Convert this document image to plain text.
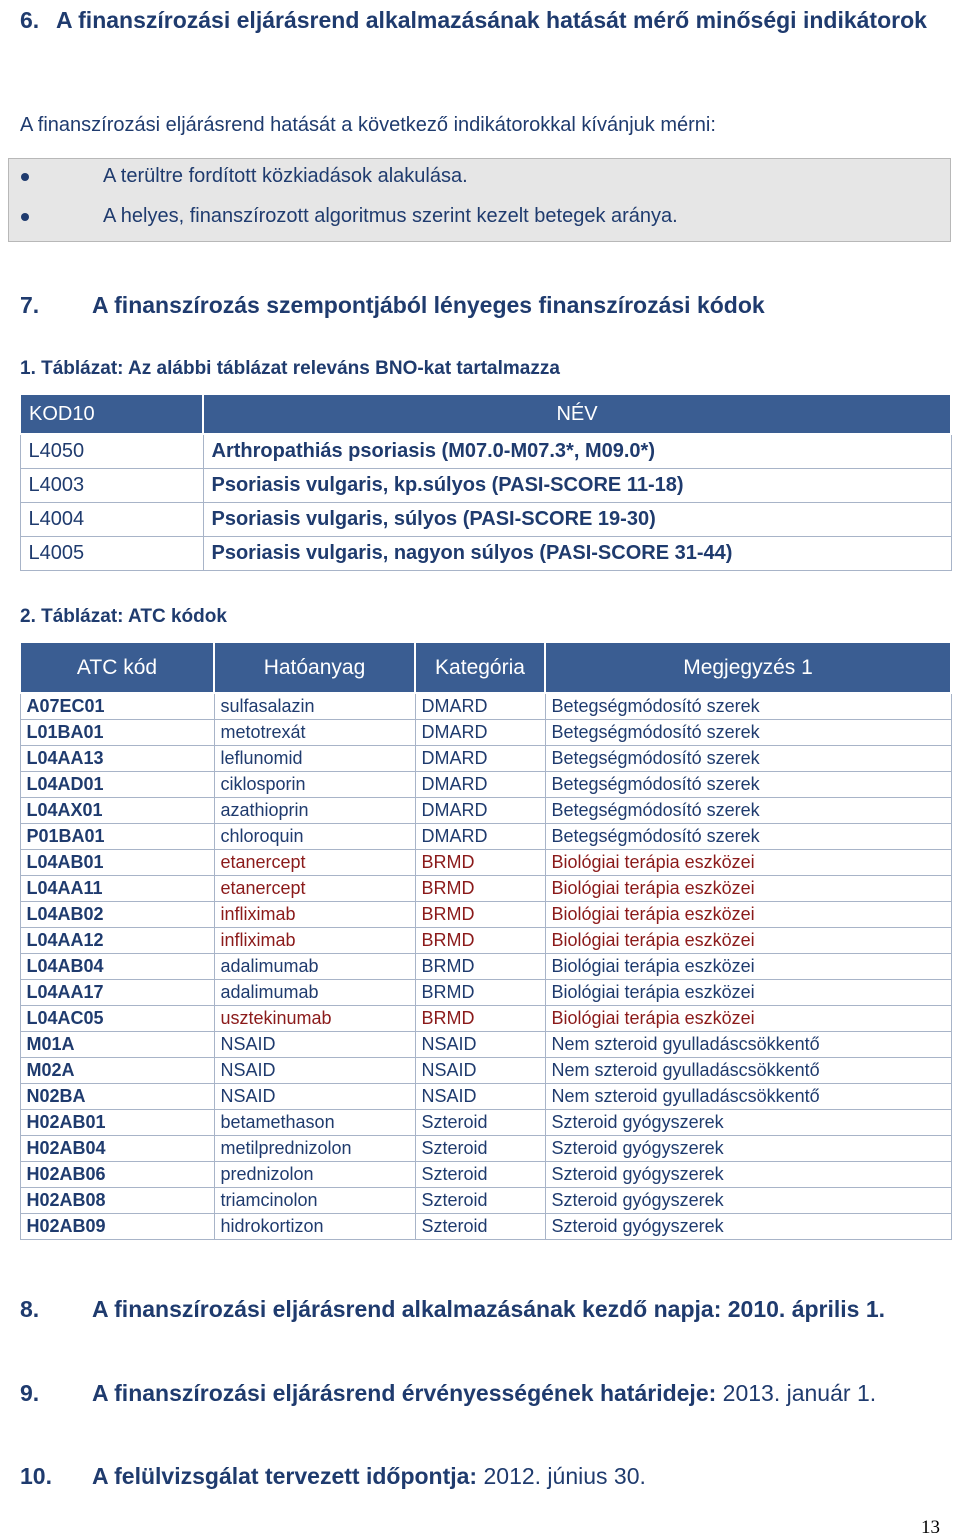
6. A finanszírozási eljárásrend alkalmazásának hatását mérő minőségi indikátorok
A finanszírozási eljárásrend hatását a következő indikátorokkal kívánjuk mérni:
A terültre fordított közkiadások alakulása.
A helyes, finanszírozott algoritmus szerint kezelt betegek aránya.
7. A finanszírozás szempontjából lényeges finanszírozási kódok
1. Táblázat: Az alábbi táblázat releváns BNO-kat tartalmazza
KOD10	NÉV
L4050	Arthropathiás psoriasis (M07.0-M07.3*, M09.0*)
L4003	Psoriasis vulgaris, kp.súlyos (PASI-SCORE 11-18)
L4004	Psoriasis vulgaris, súlyos (PASI-SCORE 19-30)
L4005	Psoriasis vulgaris, nagyon súlyos (PASI-SCORE 31-44)
2. Táblázat: ATC kódok
ATC kód	Hatóanyag	Kategória	Megjegyzés 1
A07EC01	sulfasalazin	DMARD	Betegségmódosító szerek
L01BA01	metotrexát	DMARD	Betegségmódosító szerek
L04AA13	leflunomid	DMARD	Betegségmódosító szerek
L04AD01	ciklosporin	DMARD	Betegségmódosító szerek
L04AX01	azathioprin	DMARD	Betegségmódosító szerek
P01BA01	chloroquin	DMARD	Betegségmódosító szerek
L04AB01	etanercept	BRMD	Biológiai terápia eszközei
L04AA11	etanercept	BRMD	Biológiai terápia eszközei
L04AB02	infliximab	BRMD	Biológiai terápia eszközei
L04AA12	infliximab	BRMD	Biológiai terápia eszközei
L04AB04	adalimumab	BRMD	Biológiai terápia eszközei
L04AA17	adalimumab	BRMD	Biológiai terápia eszközei
L04AC05	usztekinumab	BRMD	Biológiai terápia eszközei
M01A	NSAID	NSAID	Nem szteroid gyulladáscsökkentő
M02A	NSAID	NSAID	Nem szteroid gyulladáscsökkentő
N02BA	NSAID	NSAID	Nem szteroid gyulladáscsökkentő
H02AB01	betamethason	Szteroid	Szteroid gyógyszerek
H02AB04	metilprednizolon	Szteroid	Szteroid gyógyszerek
H02AB06	prednizolon	Szteroid	Szteroid gyógyszerek
H02AB08	triamcinolon	Szteroid	Szteroid gyógyszerek
H02AB09	hidrokortizon	Szteroid	Szteroid gyógyszerek
8. A finanszírozási eljárásrend alkalmazásának kezdő napja: 2010. április 1.
9. A finanszírozási eljárásrend érvényességének határideje: 2013. január 1.
10. A felülvizsgálat tervezett időpontja: 2012. június 30.
13
